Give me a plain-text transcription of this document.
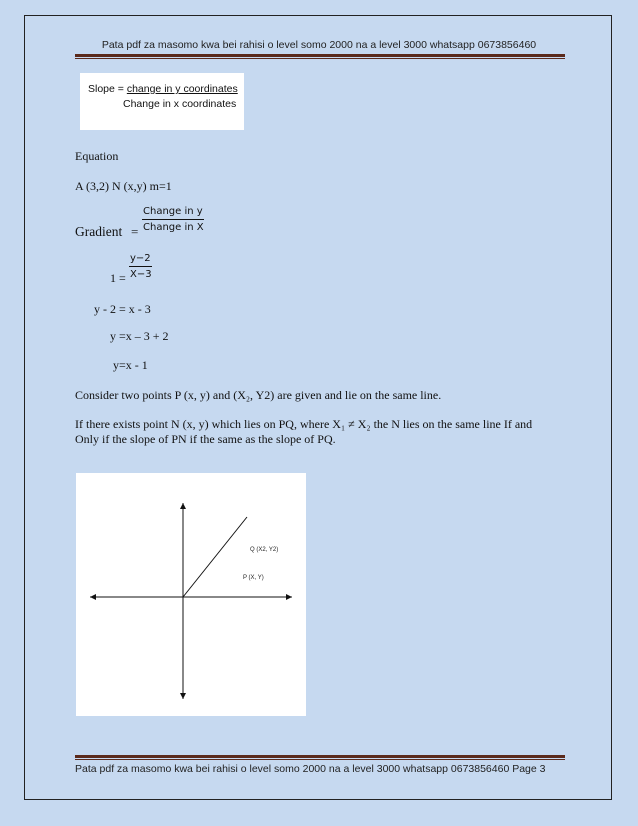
Pata pdf za masomo kwa bei rahisi o level somo 2000 na a level 3000 whatsapp 0673856460
Slope = change in y coordinates
Change in x coordinates
Equation
A (3,2) N (x,y) m=1
Gradient =
Change in y
Change in X
1 =
y−2
X−3
y - 2 = x - 3
y =x – 3 + 2
y=x - 1
Consider two points P (x, y) and (X₂, Y2) are given and lie on the same line.
If there exists point N (x, y) which lies on PQ, where X₁ ≠ X₂ the N lies on the same line If and
Only if the slope of PN if the same as the slope of PQ.
Q (X2, Y2)
P (X, Y)
Pata pdf za masomo kwa bei rahisi o level somo 2000 na a level 3000 whatsapp 0673856460 Page 3
